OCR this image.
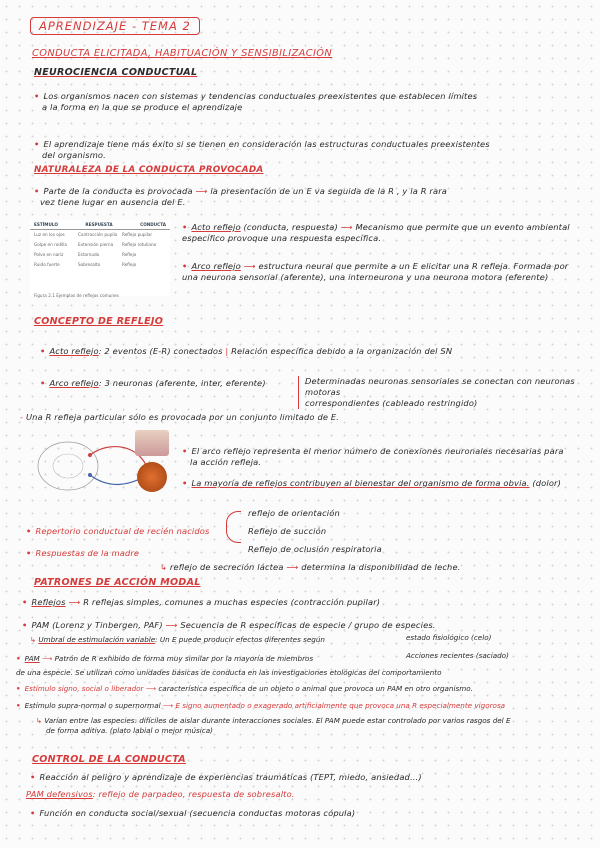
APRENDIZAJE - TEMA 2
CONDUCTA ELICITADA, HABITUACIÓN Y SENSIBILIZACIÓN
NEUROCIENCIA CONDUCTUAL
• Los organismos nacen con sistemas y tendencias conductuales preexistentes que establecen límites
a la forma en la que se produce el aprendizaje
• El aprendizaje tiene más éxito si se tienen en consideración las estructuras conductuales preexistentes
del organismo.
NATURALEZA DE LA CONDUCTA PROVOCADA
• Parte de la conducta es provocada ⟶ la presentación de un E va seguida de la R , y la R rara
vez tiene lugar en ausencia del E.
ESTÍMULO	RESPUESTA	CONDUCTA
Luz en los ojos	Contracción pupila	Reflejo pupilar
Golpe en rodilla	Extensión pierna	Reflejo rotuliano
Polvo en nariz	Estornudo	Reflejo
Ruido fuerte	Sobresalto	Reflejo
Figura 2.1 Ejemplos de reflejos comunes
• Acto reflejo (conducta, respuesta) ⟶ Mecanismo que permite que un evento ambiental
específico provoque una respuesta específica.
• Arco reflejo ⟶ estructura neural que permite a un E elicitar una R refleja. Formada por
una neurona sensorial (aferente), una interneurona y una neurona motora (eferente)
CONCEPTO DE REFLEJO
• Acto reflejo: 2 eventos (E-R) conectados | Relación específica debido a la organización del SN
• Arco reflejo: 3 neuronas (aferente, inter, eferente)	Determinadas neuronas sensoriales se conectan con neuronas motoras
correspondientes (cableado restringido)
- Una R refleja particular sólo es provocada por un conjunto limitado de E.
• El arco reflejo representa el menor número de conexiones neuronales necesarias para
la acción refleja.
• La mayoría de reflejos contribuyen al bienestar del organismo de forma obvia. (dolor)
• Repertorio conductual de recién nacidos
reflejo de orientación
Reflejo de succión
Reflejo de oclusión respiratoria
• Respuestas de la madre
↳ reflejo de secreción láctea ⟶ determina la disponibilidad de leche.
PATRONES DE ACCIÓN MODAL
• Reflejos ⟶ R reflejas simples, comunes a muchas especies (contracción pupilar)
• PAM (Lorenz y Tinbergen, PAF) ⟶ Secuencia de R específicas de especie / grupo de especies.
↳ Umbral de estimulación variable: Un E puede producir efectos diferentes según	estado fisiológico (celo)
Acciones recientes (saciado)
• PAM ⟶ Patrón de R exhibido de forma muy similar por la mayoría de miembros
de una especie. Se utilizan como unidades básicas de conducta en las investigaciones etológicas del comportamiento
• Estímulo signo, social o liberador ⟶ característica específica de un objeto o animal que provoca un PAM en otro organismo.
• Estímulo supra-normal o supernormal ⟶ E signo aumentado o exagerado artificialmente que provoca una R especialmente vigorosa
↳ Varían entre las especies: difíciles de aislar durante interacciones sociales. El PAM puede estar controlado por varios rasgos del E
de forma aditiva. (plato labial o mejor música)
CONTROL DE LA CONDUCTA
• Reacción al peligro y aprendizaje de experiencias traumáticas (TEPT, miedo, ansiedad...)
PAM defensivos: reflejo de parpadeo, respuesta de sobresalto.
• Función en conducta social/sexual (secuencia conductas motoras cópula)
